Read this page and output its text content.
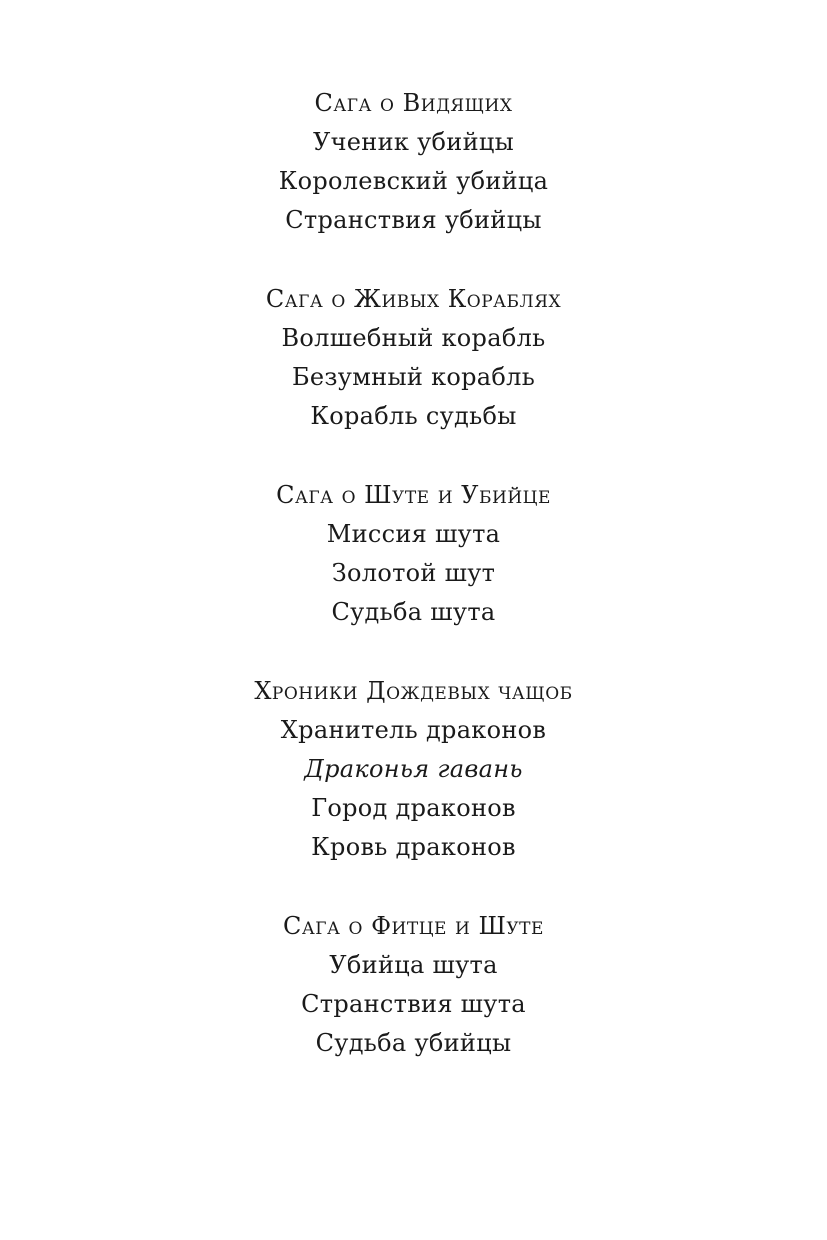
Сага о Видящих

Ученик убийцы

Королевский убийца

Странствия убийцы

Сага о Живых Кораблях

Волшебный корабль

Безумный корабль

Корабль судьбы

Сага о Шуте и Убийце

Миссия шута

Золотой шут

Судьба шута

Хроники Дождевых чащоб

Хранитель драконов

Драконья гавань

Город драконов

Кровь драконов

Сага о Фитце и Шуте

Убийца шута

Странствия шута

Судьба убийцы
